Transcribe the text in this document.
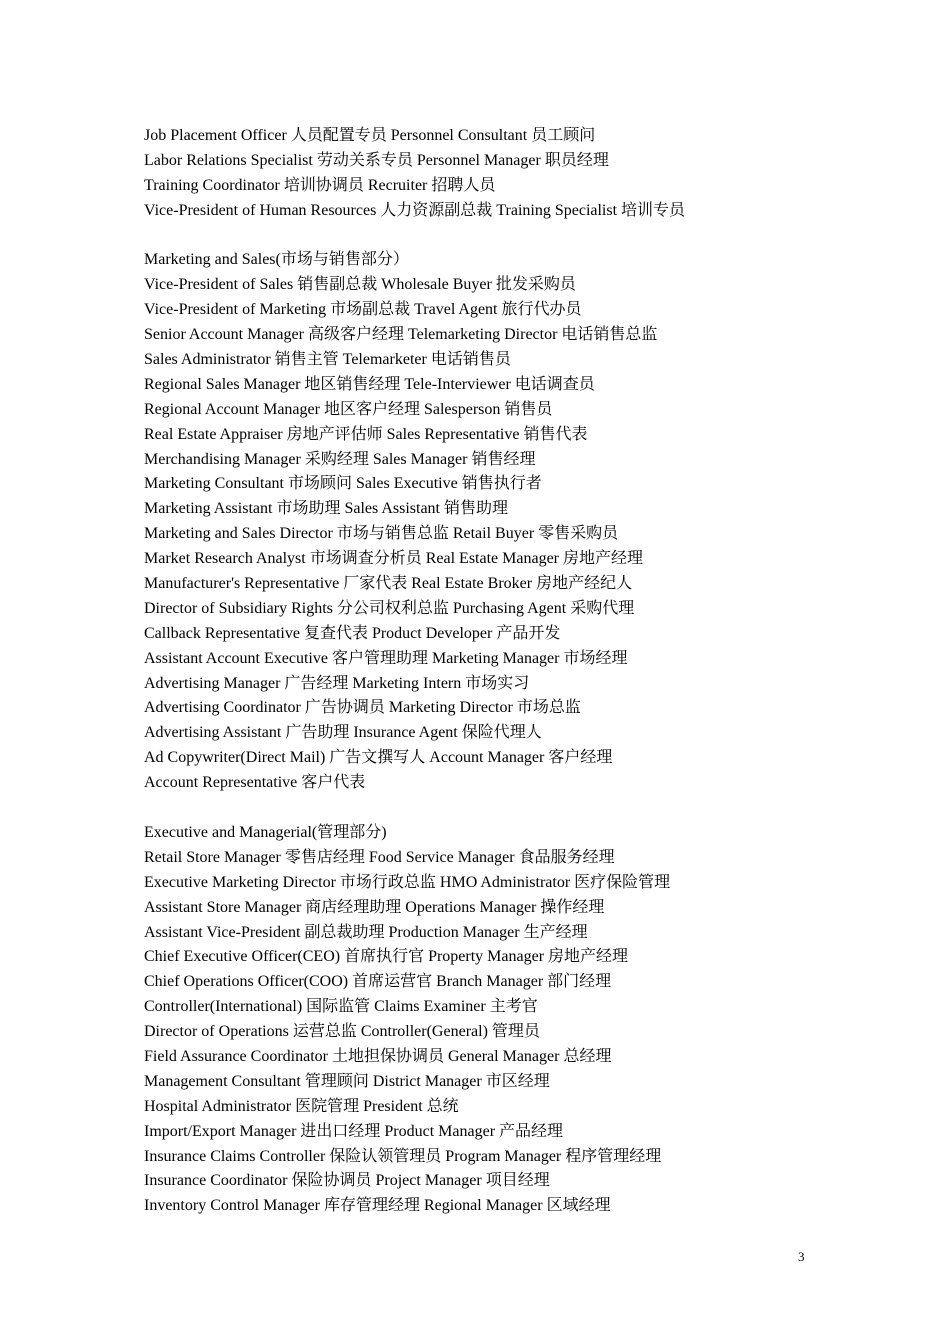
Job Placement Officer 人员配置专员 Personnel Consultant 员工顾问
Labor Relations Specialist 劳动关系专员 Personnel Manager 职员经理
Training Coordinator 培训协调员 Recruiter 招聘人员
Vice-President of Human Resources 人力资源副总裁 Training Specialist 培训专员
Marketing and Sales(市场与销售部分）
Vice-President of Sales 销售副总裁 Wholesale Buyer 批发采购员
Vice-President of Marketing 市场副总裁 Travel Agent 旅行代办员
Senior Account Manager 高级客户经理 Telemarketing Director 电话销售总监
Sales Administrator 销售主管 Telemarketer 电话销售员
Regional Sales Manager 地区销售经理 Tele-Interviewer 电话调查员
Regional Account Manager 地区客户经理 Salesperson 销售员
Real Estate Appraiser 房地产评估师 Sales Representative 销售代表
Merchandising Manager 采购经理 Sales Manager 销售经理
Marketing Consultant 市场顾问 Sales Executive 销售执行者
Marketing Assistant 市场助理 Sales Assistant 销售助理
Marketing and Sales Director 市场与销售总监 Retail Buyer 零售采购员
Market Research Analyst 市场调查分析员 Real Estate Manager 房地产经理
Manufacturer's Representative 厂家代表 Real Estate Broker 房地产经纪人
Director of Subsidiary Rights 分公司权利总监 Purchasing Agent 采购代理
Callback Representative 复查代表 Product Developer 产品开发
Assistant Account Executive 客户管理助理 Marketing Manager 市场经理
Advertising Manager 广告经理 Marketing Intern 市场实习
Advertising Coordinator 广告协调员 Marketing Director 市场总监
Advertising Assistant 广告助理 Insurance Agent 保险代理人
Ad Copywriter(Direct Mail) 广告文撰写人 Account Manager 客户经理
Account Representative 客户代表
Executive and Managerial(管理部分)
Retail Store Manager 零售店经理 Food Service Manager 食品服务经理
Executive Marketing Director 市场行政总监 HMO Administrator 医疗保险管理
Assistant Store Manager 商店经理助理 Operations Manager 操作经理
Assistant Vice-President 副总裁助理 Production Manager 生产经理
Chief Executive Officer(CEO) 首席执行官 Property Manager 房地产经理
Chief Operations Officer(COO) 首席运营官 Branch Manager 部门经理
Controller(International) 国际监管 Claims Examiner 主考官
Director of Operations 运营总监 Controller(General) 管理员
Field Assurance Coordinator 土地担保协调员 General Manager 总经理
Management Consultant 管理顾问 District Manager 市区经理
Hospital Administrator 医院管理 President 总统
Import/Export Manager 进出口经理 Product Manager 产品经理
Insurance Claims Controller 保险认领管理员 Program Manager 程序管理经理
Insurance Coordinator 保险协调员 Project Manager 项目经理
Inventory Control Manager 库存管理经理 Regional Manager 区域经理
3
